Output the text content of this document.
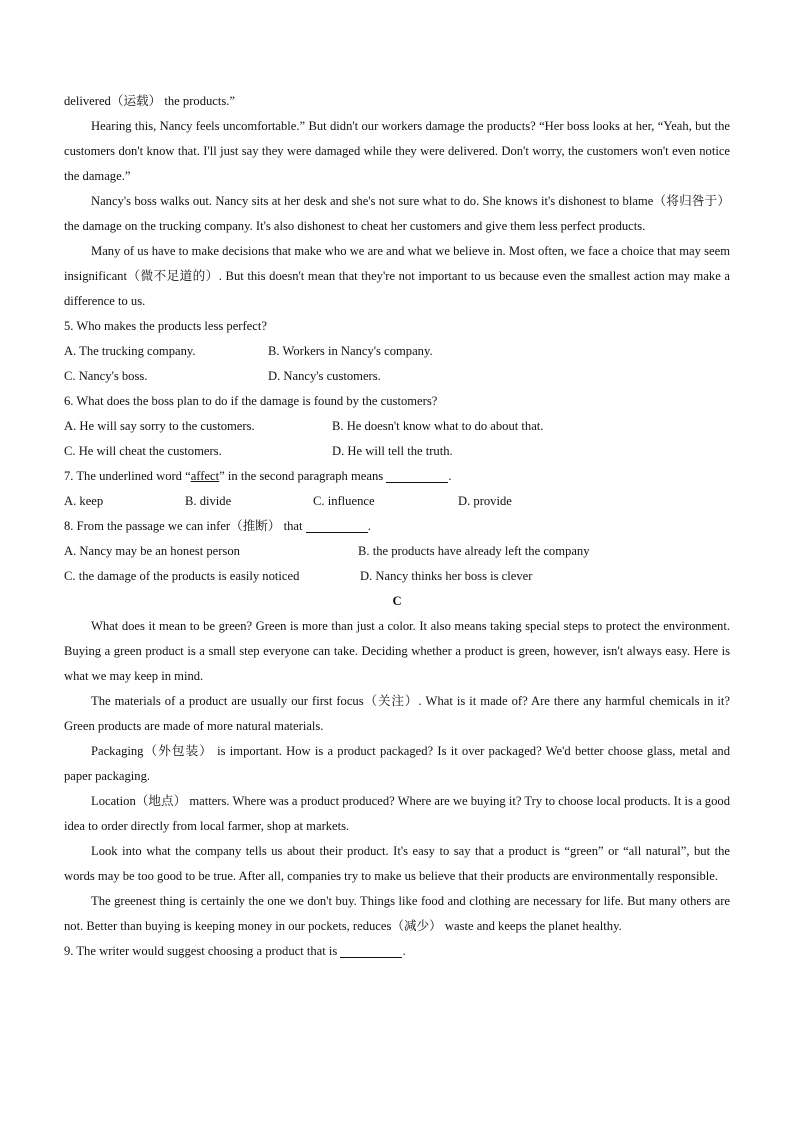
delivered（运载） the products.”

Hearing this, Nancy feels uncomfortable.” But didn't our workers damage the products? “Her boss looks at her, “Yeah, but the customers don't know that. I'll just say they were damaged while they were delivered. Don't worry, the customers won't even notice the damage.”

Nancy's boss walks out. Nancy sits at her desk and she's not sure what to do. She knows it's dishonest to blame（将归咎于） the damage on the trucking company. It's also dishonest to cheat her customers and give them less perfect products.

Many of us have to make decisions that make who we are and what we believe in. Most often, we face a choice that may seem insignificant（微不足道的）. But this doesn't mean that they're not important to us because even the smallest action may make a difference to us.

5. Who makes the products less perfect?

A. The trucking company.	B. Workers in Nancy's company.
C. Nancy's boss.	D. Nancy's customers.

6. What does the boss plan to do if the damage is found by the customers?

A. He will say sorry to the customers.	B. He doesn't know what to do about that.
C. He will cheat the customers.	D. He will tell the truth.

7. The underlined word “affect” in the second paragraph means	.

A. keep	B. divide	C. influence	D. provide

8. From the passage we can infer（推断） that	.

A. Nancy may be an honest person	B. the products have already left the company
C. the damage of the products is easily noticed	D. Nancy thinks her boss is clever

C

What does it mean to be green? Green is more than just a color. It also means taking special steps to protect the environment. Buying a green product is a small step everyone can take. Deciding whether a product is green, however, isn't always easy. Here is what we may keep in mind.

The materials of a product are usually our first focus（关注）. What is it made of? Are there any harmful chemicals in it? Green products are made of more natural materials.

Packaging（外包装） is important. How is a product packaged? Is it over packaged? We'd better choose glass, metal and paper packaging.

Location（地点） matters. Where was a product produced? Where are we buying it? Try to choose local products. It is a good idea to order directly from local farmer, shop at markets.

Look into what the company tells us about their product. It's easy to say that a product is “green” or “all natural”, but the words may be too good to be true. After all, companies try to make us believe that their products are environmentally responsible.

The greenest thing is certainly the one we don't buy. Things like food and clothing are necessary for life. But many others are not. Better than buying is keeping money in our pockets, reduces（减少） waste and keeps the planet healthy.

9. The writer would suggest choosing a product that is	.
